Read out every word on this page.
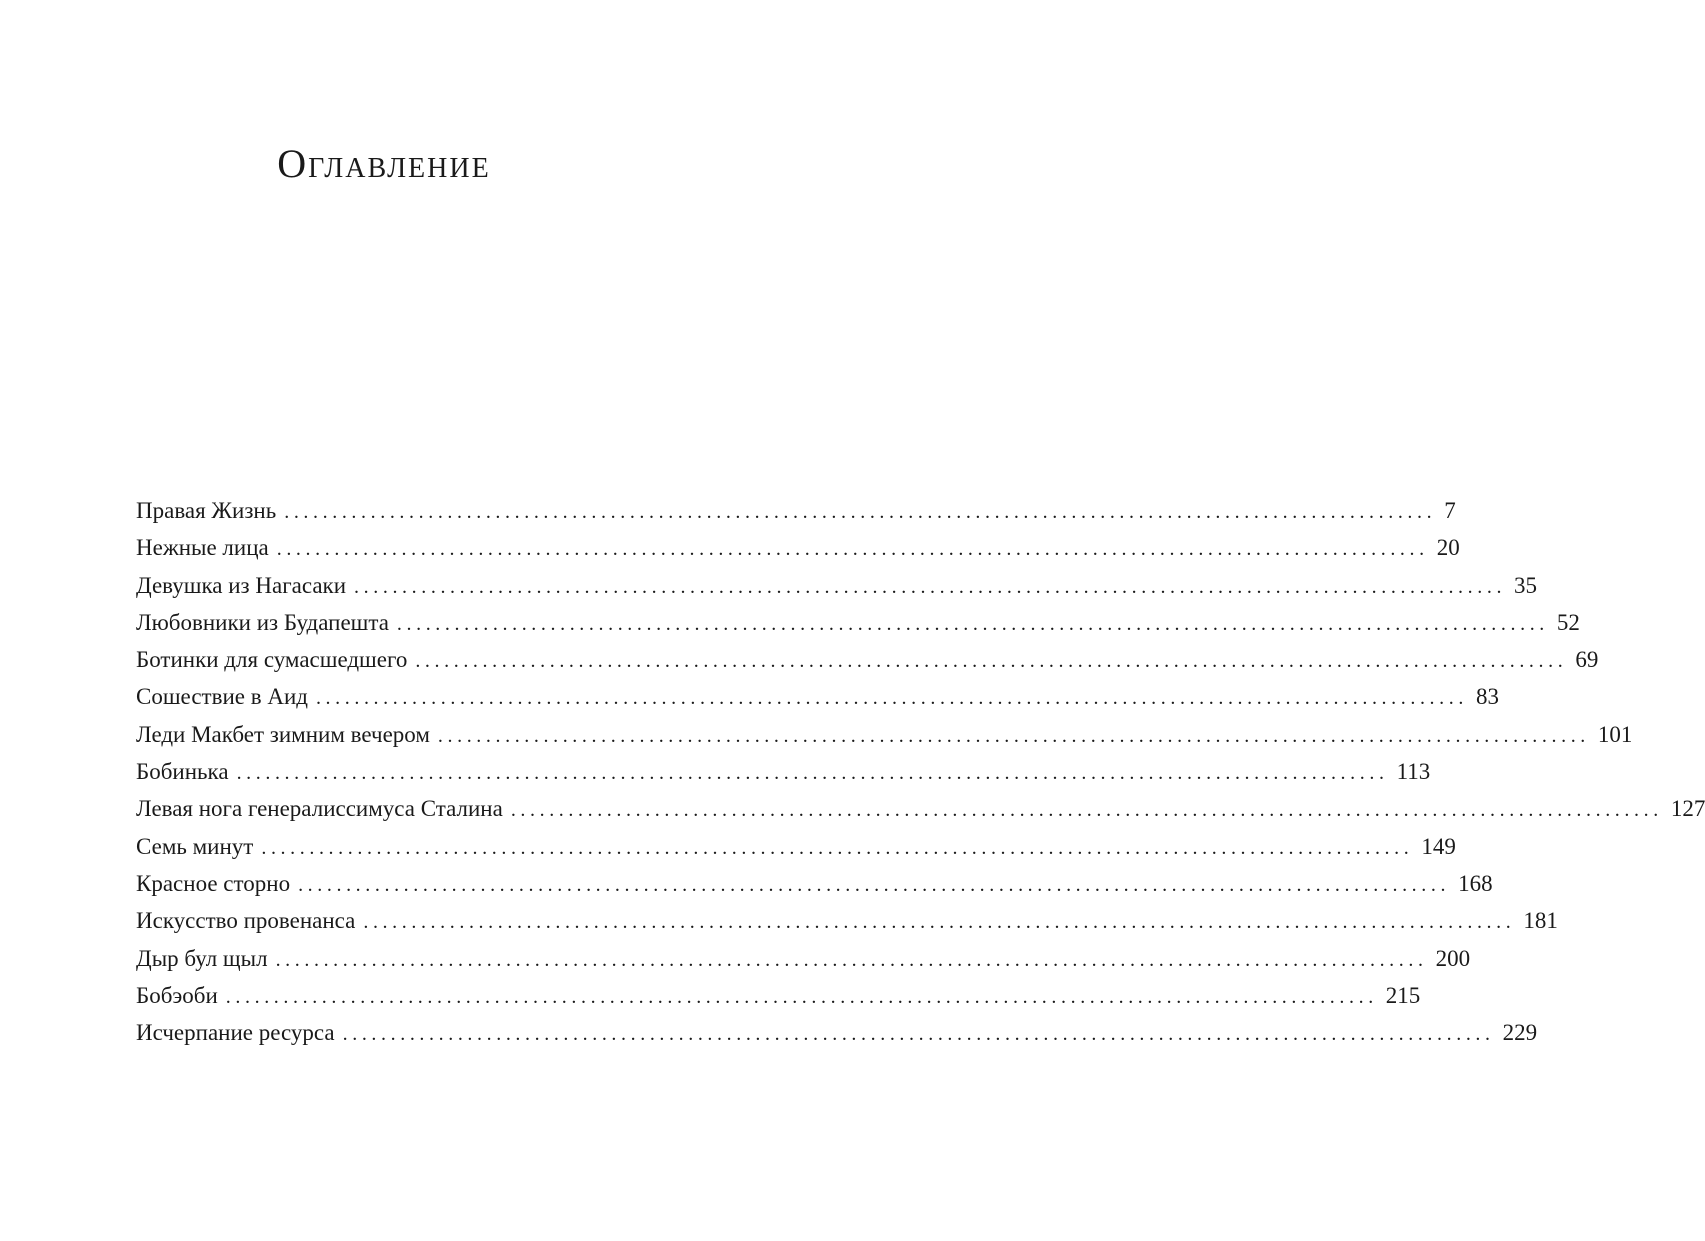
Оглавление
Правая Жизнь ........................................................................................................................ 7
Нежные лица ........................................................................................................................ 20
Девушка из Нагасаки ........................................................................................................................ 35
Любовники из Будапешта ........................................................................................................................ 52
Ботинки для сумасшедшего ........................................................................................................................ 69
Сошествие в Аид ........................................................................................................................ 83
Леди Макбет зимним вечером ........................................................................................................................ 101
Бобинька ........................................................................................................................ 113
Левая нога генералиссимуса Сталина ........................................................................................................................ 127
Семь минут ........................................................................................................................ 149
Красное сторно ........................................................................................................................ 168
Искусство провенанса ........................................................................................................................ 181
Дыр бул щыл ........................................................................................................................ 200
Бобэоби ........................................................................................................................ 215
Исчерпание ресурса ........................................................................................................................ 229
